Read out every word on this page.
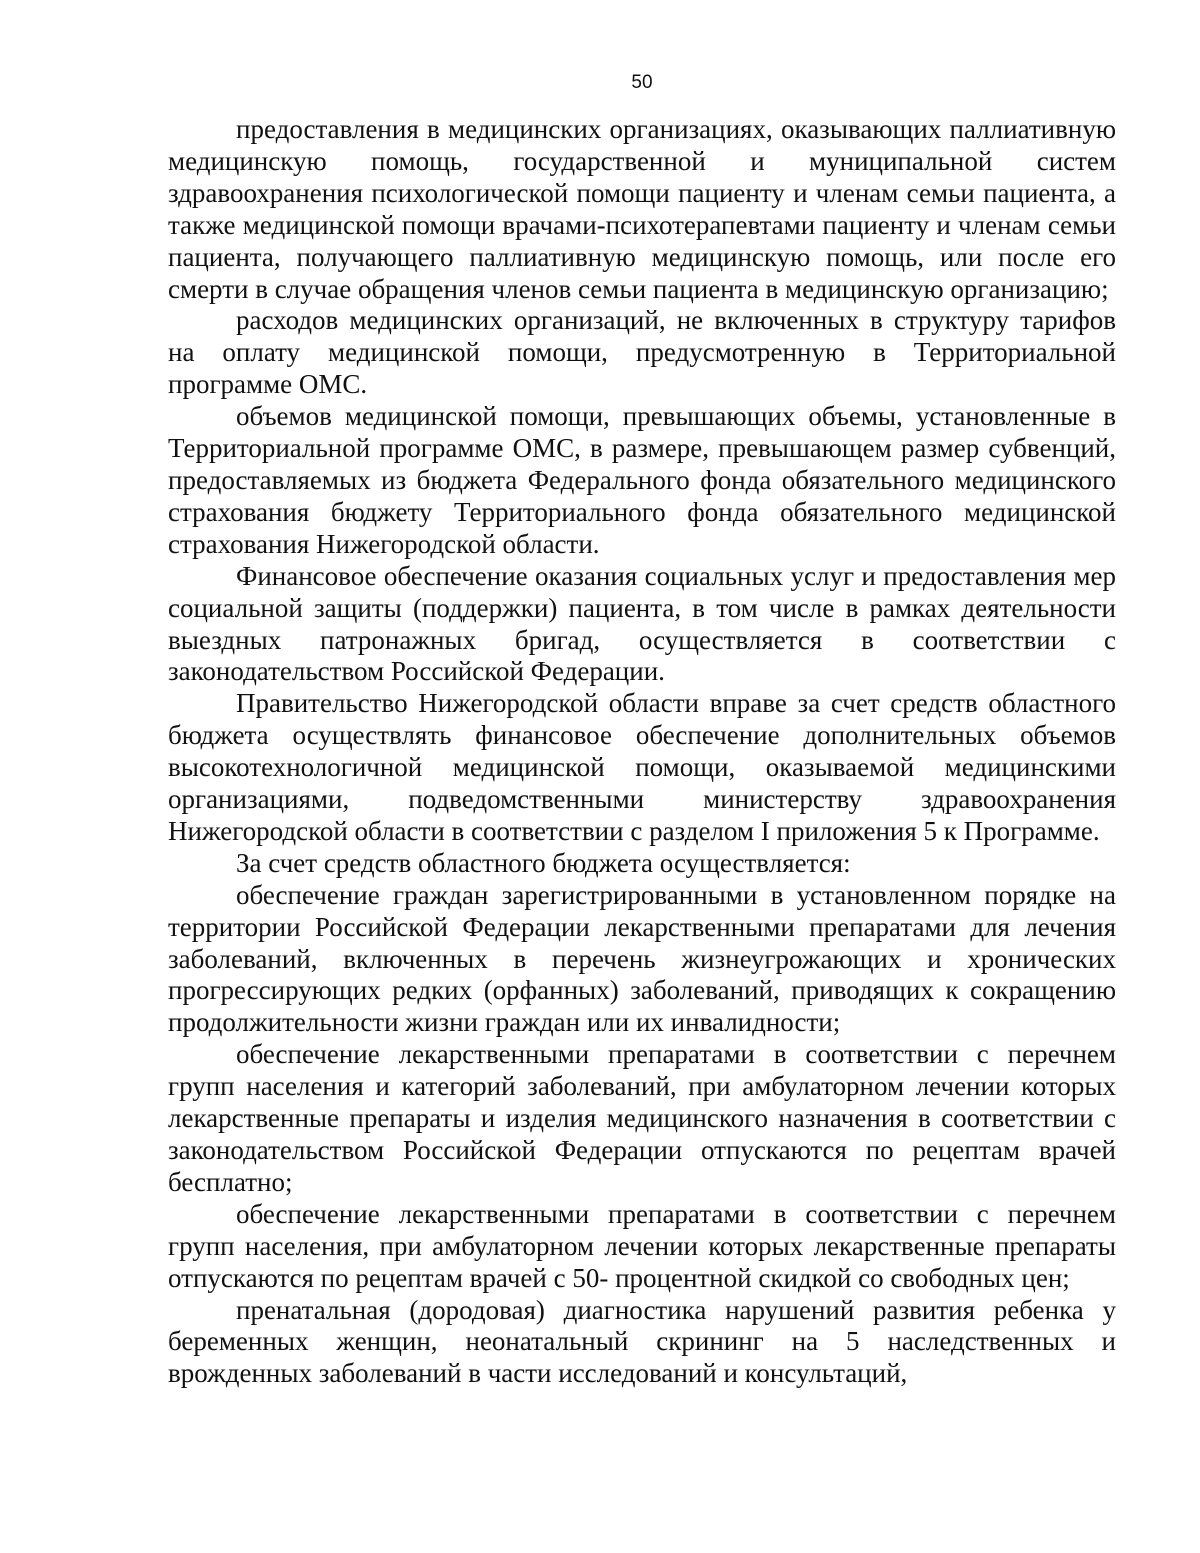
50

предоставления в медицинских организациях, оказывающих паллиативную медицинскую помощь, государственной и муниципальной систем здравоохранения психологической помощи пациенту и членам семьи пациента, а также медицинской помощи врачами-психотерапевтами пациенту и членам семьи пациента, получающего паллиативную медицинскую помощь, или после его смерти в случае обращения членов семьи пациента в медицинскую организацию;

расходов медицинских организаций, не включенных в структуру тарифов на оплату медицинской помощи, предусмотренную в Территориальной программе ОМС.

объемов медицинской помощи, превышающих объемы, установленные в Территориальной программе ОМС, в размере, превышающем размер субвенций, предоставляемых из бюджета Федерального фонда обязательного медицинского страхования бюджету Территориального фонда обязательного медицинской страхования Нижегородской области.

Финансовое обеспечение оказания социальных услуг и предоставления мер социальной защиты (поддержки) пациента, в том числе в рамках деятельности выездных патронажных бригад, осуществляется в соответствии с законодательством Российской Федерации.

Правительство Нижегородской области вправе за счет средств областного бюджета осуществлять финансовое обеспечение дополнительных объемов высокотехнологичной медицинской помощи, оказываемой медицинскими организациями, подведомственными министерству здравоохранения Нижегородской области в соответствии с разделом I приложения 5 к Программе.

За счет средств областного бюджета осуществляется:

обеспечение граждан зарегистрированными в установленном порядке на территории Российской Федерации лекарственными препаратами для лечения заболеваний, включенных в перечень жизнеугрожающих и хронических прогрессирующих редких (орфанных) заболеваний, приводящих к сокращению продолжительности жизни граждан или их инвалидности;

обеспечение лекарственными препаратами в соответствии с перечнем групп населения и категорий заболеваний, при амбулаторном лечении которых лекарственные препараты и изделия медицинского назначения в соответствии с законодательством Российской Федерации отпускаются по рецептам врачей бесплатно;

обеспечение лекарственными препаратами в соответствии с перечнем групп населения, при амбулаторном лечении которых лекарственные препараты отпускаются по рецептам врачей с 50- процентной скидкой со свободных цен;

пренатальная (дородовая) диагностика нарушений развития ребенка у беременных женщин, неонатальный скрининг на 5 наследственных и врожденных заболеваний в части исследований и консультаций,
